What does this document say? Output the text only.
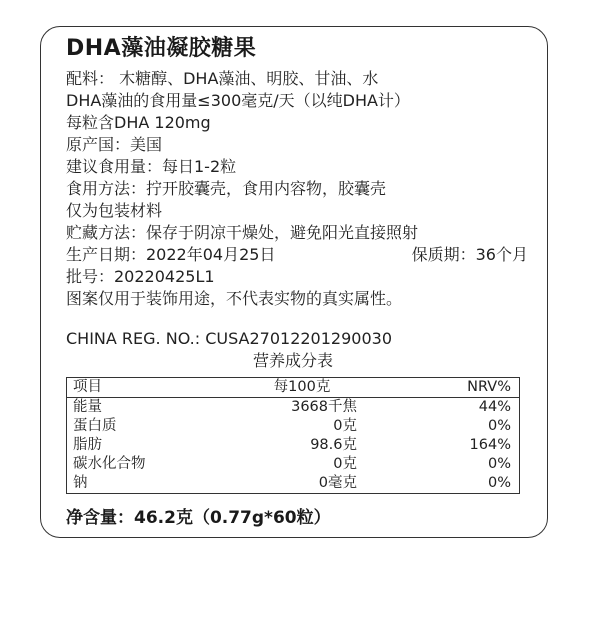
DHA藻油凝胶糖果
配料： 木糖醇、DHA藻油、明胶、甘油、水
DHA藻油的食用量≤300毫克/天（以纯DHA计）
每粒含DHA 120mg
原产国：美国
建议食用量：每日1-2粒
食用方法：拧开胶囊壳，食用内容物，胶囊壳
仅为包装材料
贮藏方法：保存于阴凉干燥处，避免阳光直接照射
生产日期：2022年04月25日	保质期：36个月
批号：20220425L1
图案仅用于装饰用途，不代表实物的真实属性。
CHINA REG. NO.: CUSA27012201290030
营养成分表
项目	每100克	NRV%
能量	3668千焦	44%
蛋白质	0克	0%
脂肪	98.6克	164%
碳水化合物	0克	0%
钠	0毫克	0%
净含量：46.2克（0.77g*60粒）
